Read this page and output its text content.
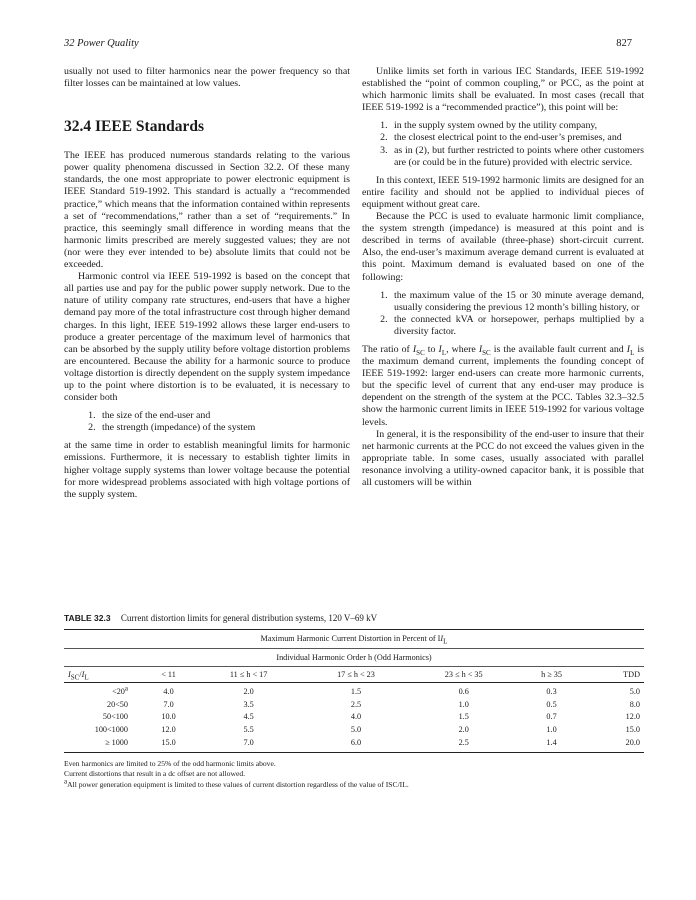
32 Power Quality	827

usually not used to filter harmonics near the power frequency so that filter losses can be maintained at low values.

32.4 IEEE Standards

The IEEE has produced numerous standards relating to the various power quality phenomena discussed in Section 32.2. Of these many standards, the one most appropriate to power electronic equipment is IEEE Standard 519-1992. This standard is actually a “recommended practice,” which means that the information contained within represents a set of “recommendations,” rather than a set of “requirements.” In practice, this seemingly small difference in wording means that the harmonic limits prescribed are merely suggested values; they are not (nor were they ever intended to be) absolute limits that could not be exceeded.

Harmonic control via IEEE 519-1992 is based on the concept that all parties use and pay for the public power supply network. Due to the nature of utility company rate structures, end-users that have a higher demand pay more of the total infrastructure cost through higher demand charges. In this light, IEEE 519-1992 allows these larger end-users to produce a greater percentage of the maximum level of harmonics that can be absorbed by the supply utility before voltage distortion problems are encountered. Because the ability for a harmonic source to produce voltage distortion is directly dependent on the supply system impedance up to the point where distortion is to be evaluated, it is necessary to consider both

1. the size of the end-user and
2. the strength (impedance) of the system

at the same time in order to establish meaningful limits for harmonic emissions. Furthermore, it is necessary to establish tighter limits in higher voltage supply systems than lower voltage because the potential for more widespread problems associated with high voltage portions of the supply system.

Unlike limits set forth in various IEC Standards, IEEE 519-1992 established the “point of common coupling,” or PCC, as the point at which harmonic limits shall be evaluated. In most cases (recall that IEEE 519-1992 is a “recommended practice”), this point will be:

1. in the supply system owned by the utility company,
2. the closest electrical point to the end-user’s premises, and
3. as in (2), but further restricted to points where other customers are (or could be in the future) provided with electric service.

In this context, IEEE 519-1992 harmonic limits are designed for an entire facility and should not be applied to individual pieces of equipment without great care.

Because the PCC is used to evaluate harmonic limit compliance, the system strength (impedance) is measured at this point and is described in terms of available (three-phase) short-circuit current. Also, the end-user’s maximum average demand current is evaluated at this point. Maximum demand is evaluated based on one of the following:

1. the maximum value of the 15 or 30 minute average demand, usually considering the previous 12 month’s billing history, or
2. the connected kVA or horsepower, perhaps multiplied by a diversity factor.

The ratio of $I_{SC}$ to $I_L$, where $I_{SC}$ is the available fault current and $I_L$ is the maximum demand current, implements the founding concept of IEEE 519-1992: larger end-users can create more harmonic currents, but the specific level of current that any end-user may produce is dependent on the strength of the system at the PCC. Tables 32.3–32.5 show the harmonic current limits in IEEE 519-1992 for various voltage levels.

In general, it is the responsibility of the end-user to insure that their net harmonic currents at the PCC do not exceed the values given in the appropriate table. In some cases, usually associated with parallel resonance involving a utility-owned capacitor bank, it is possible that all customers will be within

TABLE 32.3 Current distortion limits for general distribution systems, 120 V–69 kV
Maximum Harmonic Current Distortion in Percent of $II_L$
Individual Harmonic Order h (Odd Harmonics)						
$I_{SC}/I_L$	< 11	11 ≤ h < 17	17 ≤ h < 23	23 ≤ h < 35	h ≥ 35	TDD
$<20^a$	4.0	2.0	1.5	0.6	0.3	5.0
20<50	7.0	3.5	2.5	1.0	0.5	8.0
50<100	10.0	4.5	4.0	1.5	0.7	12.0
100<1000	12.0	5.5	5.0	2.0	1.0	15.0
≥ 1000	15.0	7.0	6.0	2.5	1.4	20.0
Even harmonics are limited to 25% of the odd harmonic limits above.
Current distortions that result in a dc offset are not allowed.
$^a$All power generation equipment is limited to these values of current distortion regardless of the value of ISC/IL.
